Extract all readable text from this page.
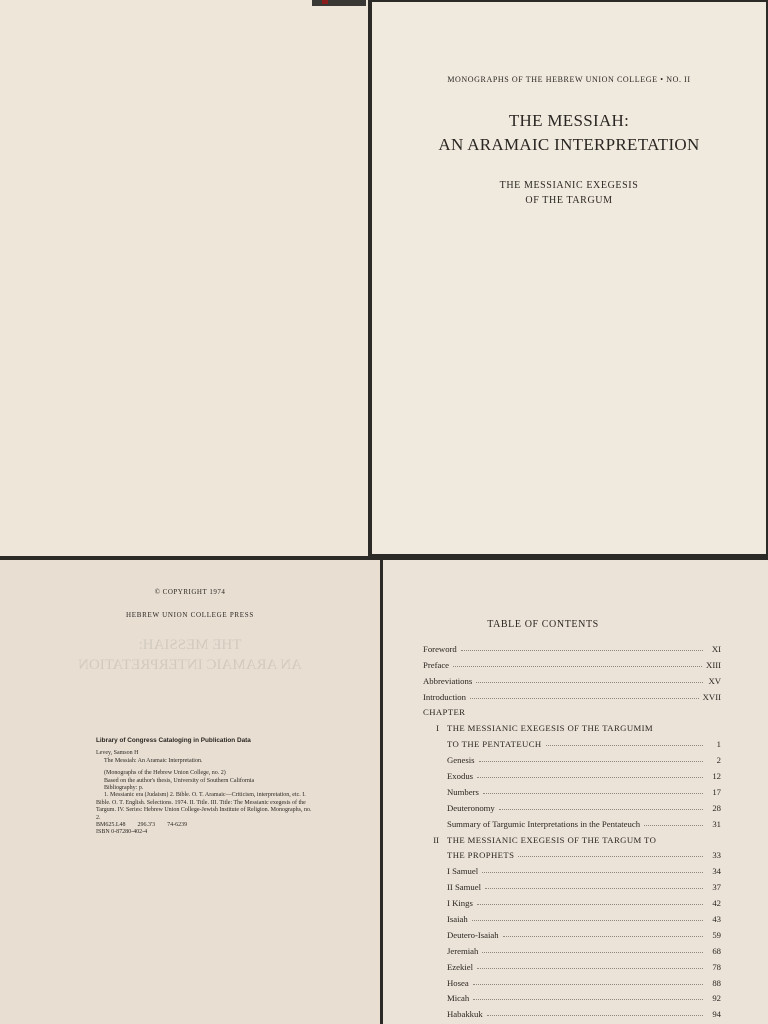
MONOGRAPHS OF THE HEBREW UNION COLLEGE • NO. II
THE MESSIAH:
AN ARAMAIC INTERPRETATION
THE MESSIANIC EXEGESIS
OF THE TARGUM
THE MESSIAH:
AN ARAMAIC INTERPRETATION
© COPYRIGHT 1974
HEBREW UNION COLLEGE PRESS
Library of Congress Cataloging in Publication Data
Levey, Samson H
The Messiah: An Aramaic Interpretation.
(Monographs of the Hebrew Union College, no. 2)
Based on the author's thesis, University of Southern California
Bibliography: p.
1. Messianic era (Judaism) 2. Bible. O. T. Aramaic—Criticism, interpretation, etc. I. Bible. O. T. English. Selections. 1974. II. Title. III. Title: The Messianic exegesis of the Targum. IV. Series: Hebrew Union College-Jewish Institute of Religion. Monographs, no. 2.
BM625.L48 296.3'3 74-6239
ISBN 0-87280-402-4
TABLE OF CONTENTS
Foreword	XI
Preface	XIII
Abbreviations	XV
Introduction	XVII
CHAPTER
I THE MESSIANIC EXEGESIS OF THE TARGUMIM
TO THE PENTATEUCH	1
Genesis	2
Exodus	12
Numbers	17
Deuteronomy	28
Summary of Targumic Interpretations in the Pentateuch	31
II THE MESSIANIC EXEGESIS OF THE TARGUM TO
THE PROPHETS	33
I Samuel	34
II Samuel	37
I Kings	42
Isaiah	43
Deutero-Isaiah	59
Jeremiah	68
Ezekiel	78
Hosea	88
Micah	92
Habakkuk	94
